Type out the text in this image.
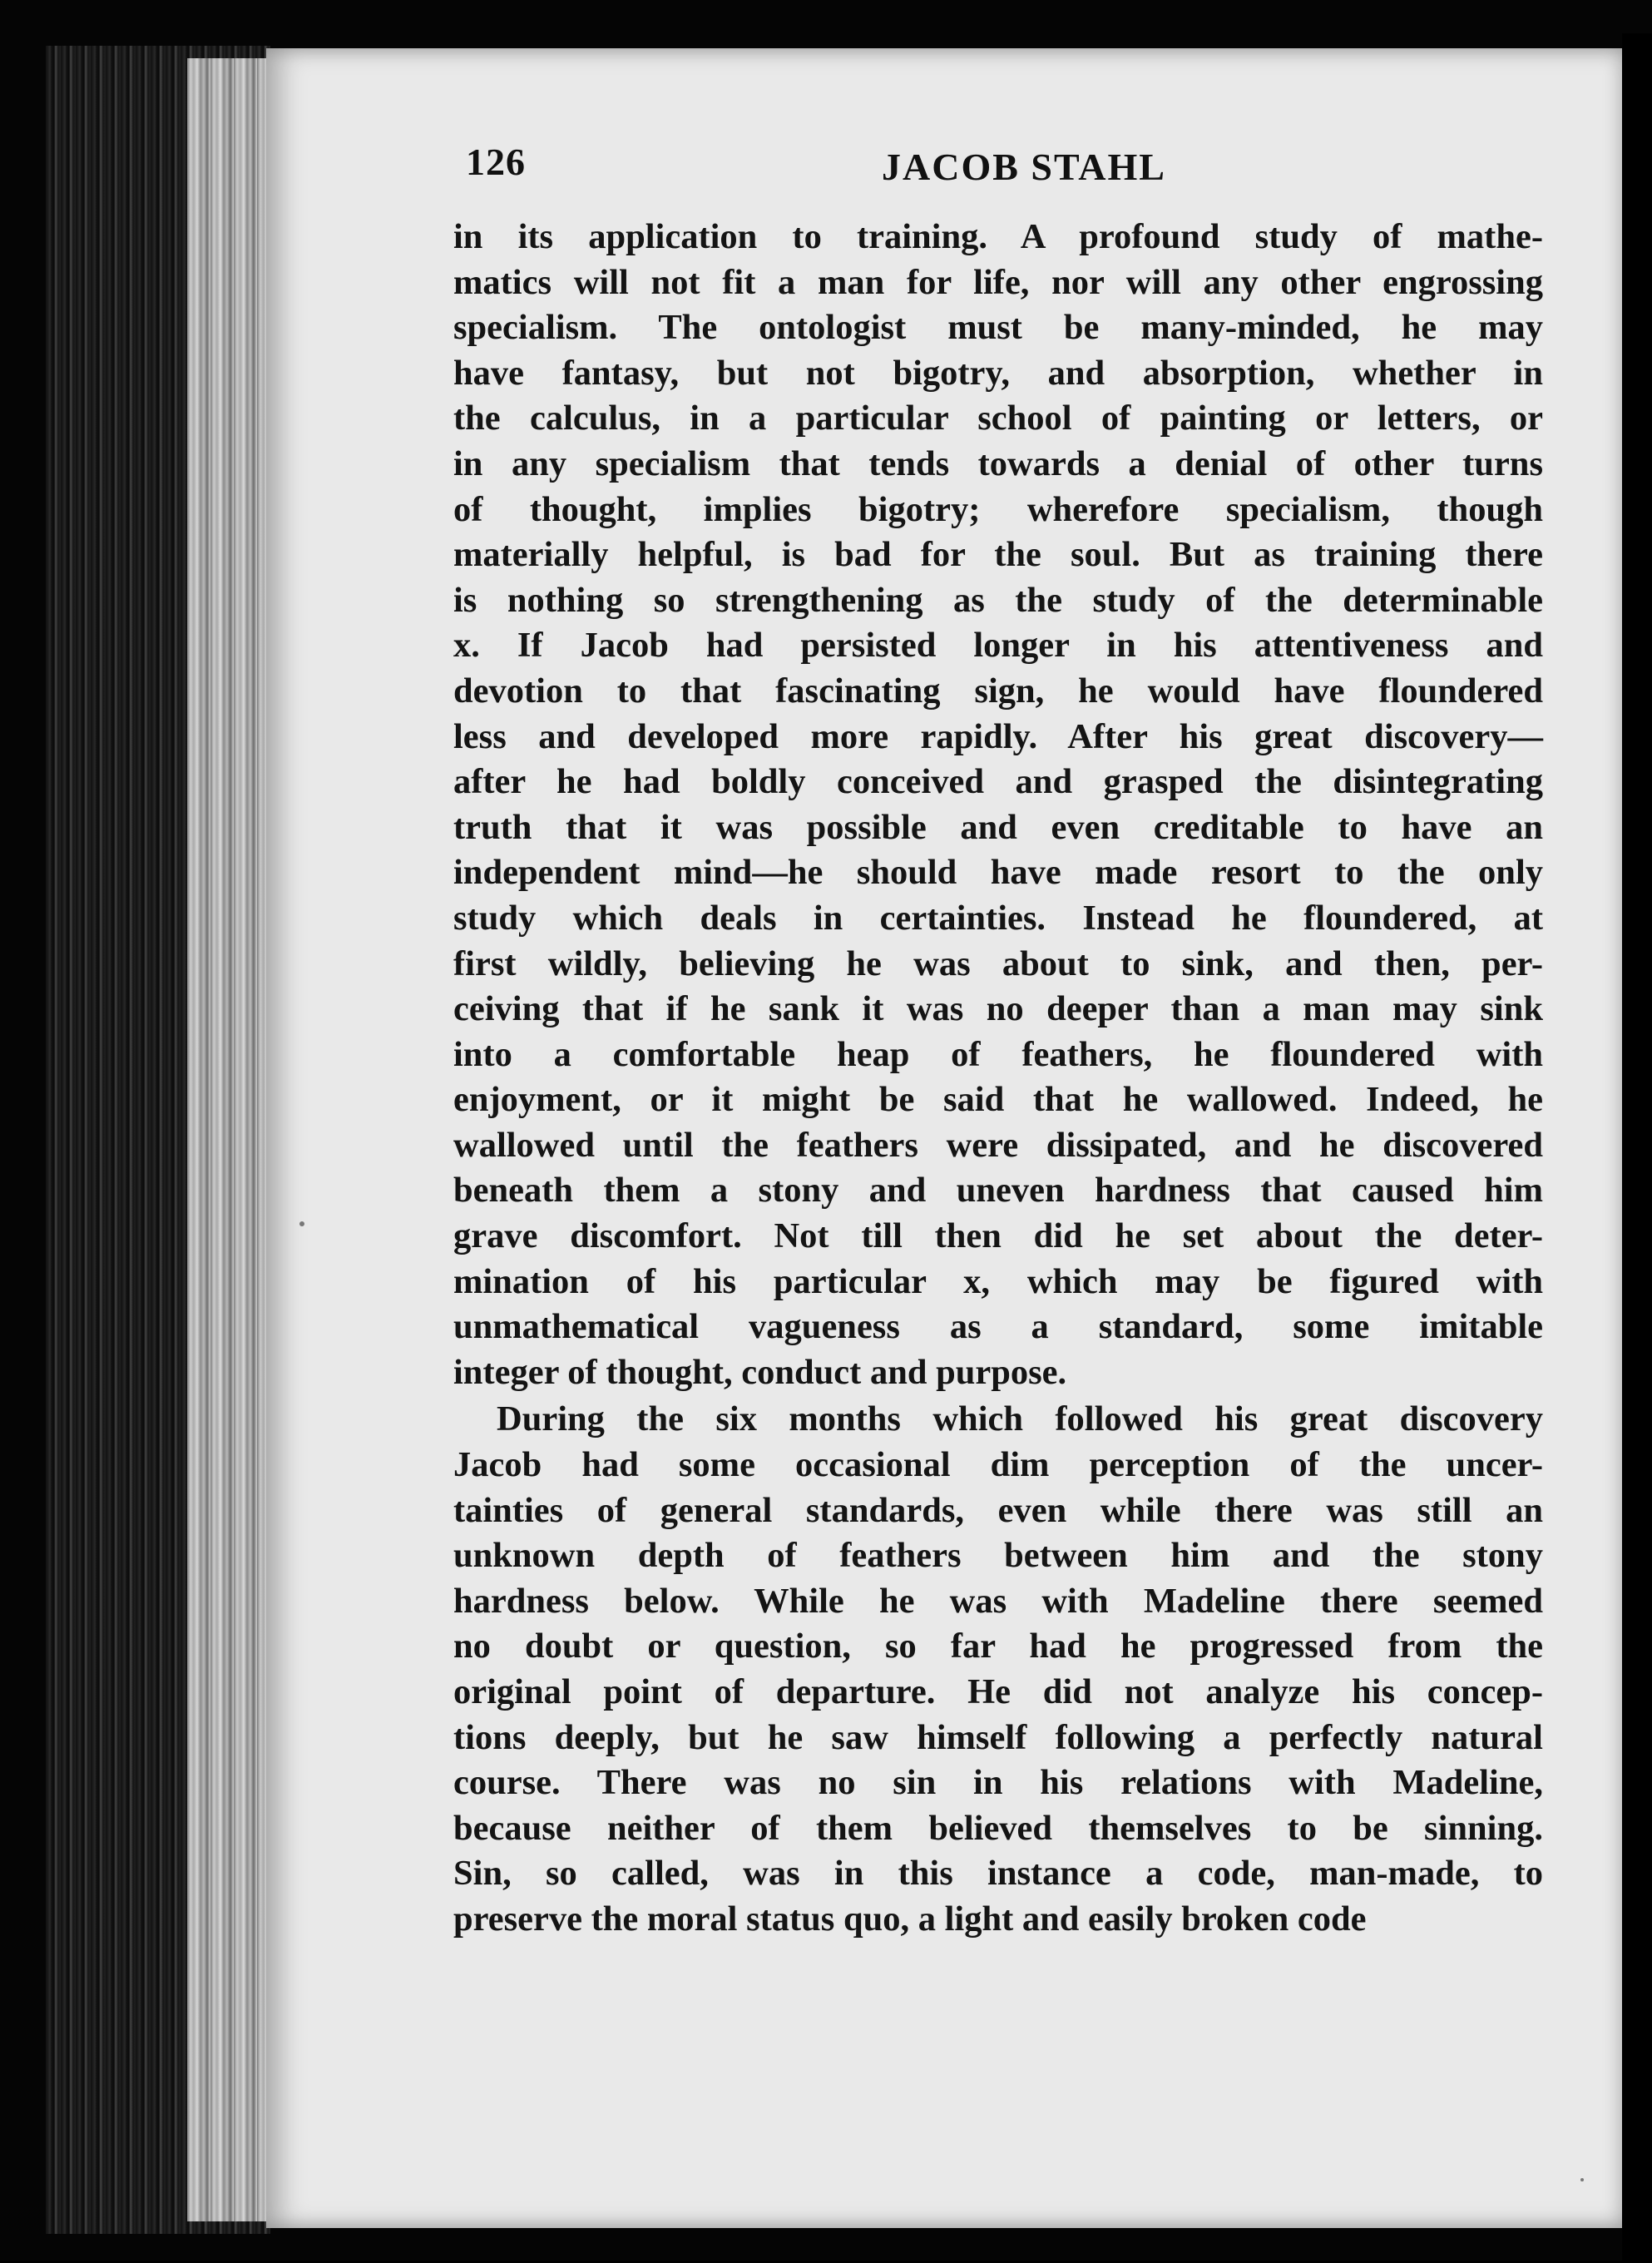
126	JACOB STAHL
in its application to training. A profound study of mathe-
matics will not fit a man for life, nor will any other engrossing
specialism. The ontologist must be many-minded, he may
have fantasy, but not bigotry, and absorption, whether in
the calculus, in a particular school of painting or letters, or
in any specialism that tends towards a denial of other turns
of thought, implies bigotry; wherefore specialism, though
materially helpful, is bad for the soul. But as training there
is nothing so strengthening as the study of the determinable
x. If Jacob had persisted longer in his attentiveness and
devotion to that fascinating sign, he would have floundered
less and developed more rapidly. After his great discovery—
after he had boldly conceived and grasped the disintegrating
truth that it was possible and even creditable to have an
independent mind—he should have made resort to the only
study which deals in certainties. Instead he floundered, at
first wildly, believing he was about to sink, and then, per-
ceiving that if he sank it was no deeper than a man may sink
into a comfortable heap of feathers, he floundered with
enjoyment, or it might be said that he wallowed. Indeed, he
wallowed until the feathers were dissipated, and he discovered
beneath them a stony and uneven hardness that caused him
grave discomfort. Not till then did he set about the deter-
mination of his particular x, which may be figured with
unmathematical vagueness as a standard, some imitable
integer of thought, conduct and purpose.
During the six months which followed his great discovery
Jacob had some occasional dim perception of the uncer-
tainties of general standards, even while there was still an
unknown depth of feathers between him and the stony
hardness below. While he was with Madeline there seemed
no doubt or question, so far had he progressed from the
original point of departure. He did not analyze his concep-
tions deeply, but he saw himself following a perfectly natural
course. There was no sin in his relations with Madeline,
because neither of them believed themselves to be sinning.
Sin, so called, was in this instance a code, man-made, to
preserve the moral status quo, a light and easily broken code
